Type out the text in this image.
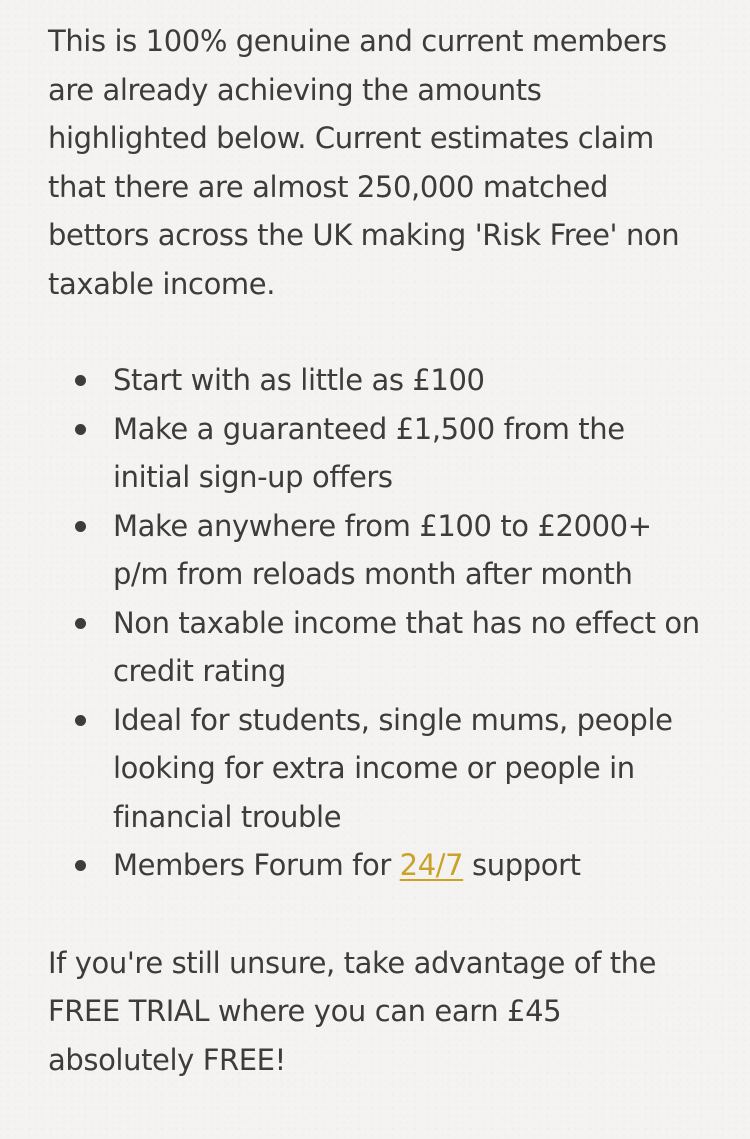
This is 100% genuine and current members are already achieving the amounts highlighted below. Current estimates claim that there are almost 250,000 matched bettors across the UK making 'Risk Free' non taxable income.

Start with as little as £100
Make a guaranteed £1,500 from the initial sign-up offers
Make anywhere from £100 to £2000+ p/m from reloads month after month
Non taxable income that has no effect on credit rating
Ideal for students, single mums, people looking for extra income or people in financial trouble
Members Forum for 24/7 support

If you're still unsure, take advantage of the FREE TRIAL where you can earn £45 absolutely FREE!
